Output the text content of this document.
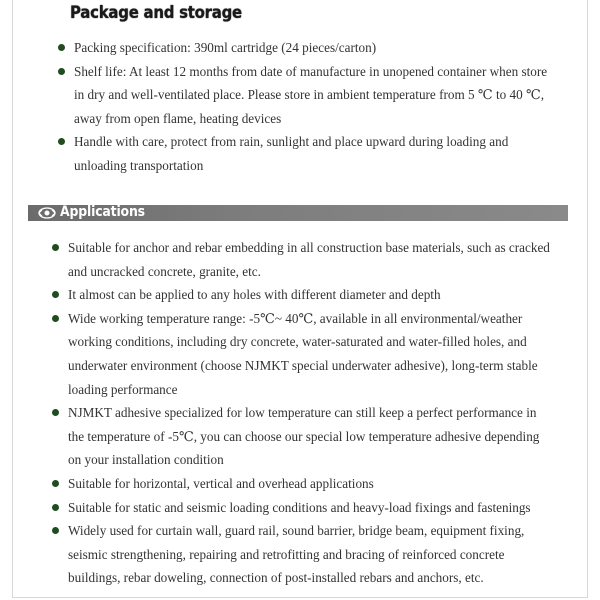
Package and storage
Packing specification: 390ml cartridge (24 pieces/carton)
Shelf life: At least 12 months from date of manufacture in unopened container when store in dry and well-ventilated place. Please store in ambient temperature from 5 ℃ to 40 ℃, away from open flame, heating devices
Handle with care, protect from rain, sunlight and place upward during loading and unloading transportation
Applications
Suitable for anchor and rebar embedding in all construction base materials, such as cracked and uncracked concrete, granite, etc.
It almost can be applied to any holes with different diameter and depth
Wide working temperature range: -5℃~ 40℃, available in all environmental/weather working conditions, including dry concrete, water-saturated and water-filled holes, and underwater environment (choose NJMKT special underwater adhesive), long-term stable loading performance
NJMKT adhesive specialized for low temperature can still keep a perfect performance in the temperature of -5℃, you can choose our special low temperature adhesive depending on your installation condition
Suitable for horizontal, vertical and overhead applications
Suitable for static and seismic loading conditions and heavy-load fixings and fastenings
Widely used for curtain wall, guard rail, sound barrier, bridge beam, equipment fixing, seismic strengthening, repairing and retrofitting and bracing of reinforced concrete buildings, rebar doweling, connection of post-installed rebars and anchors, etc.
